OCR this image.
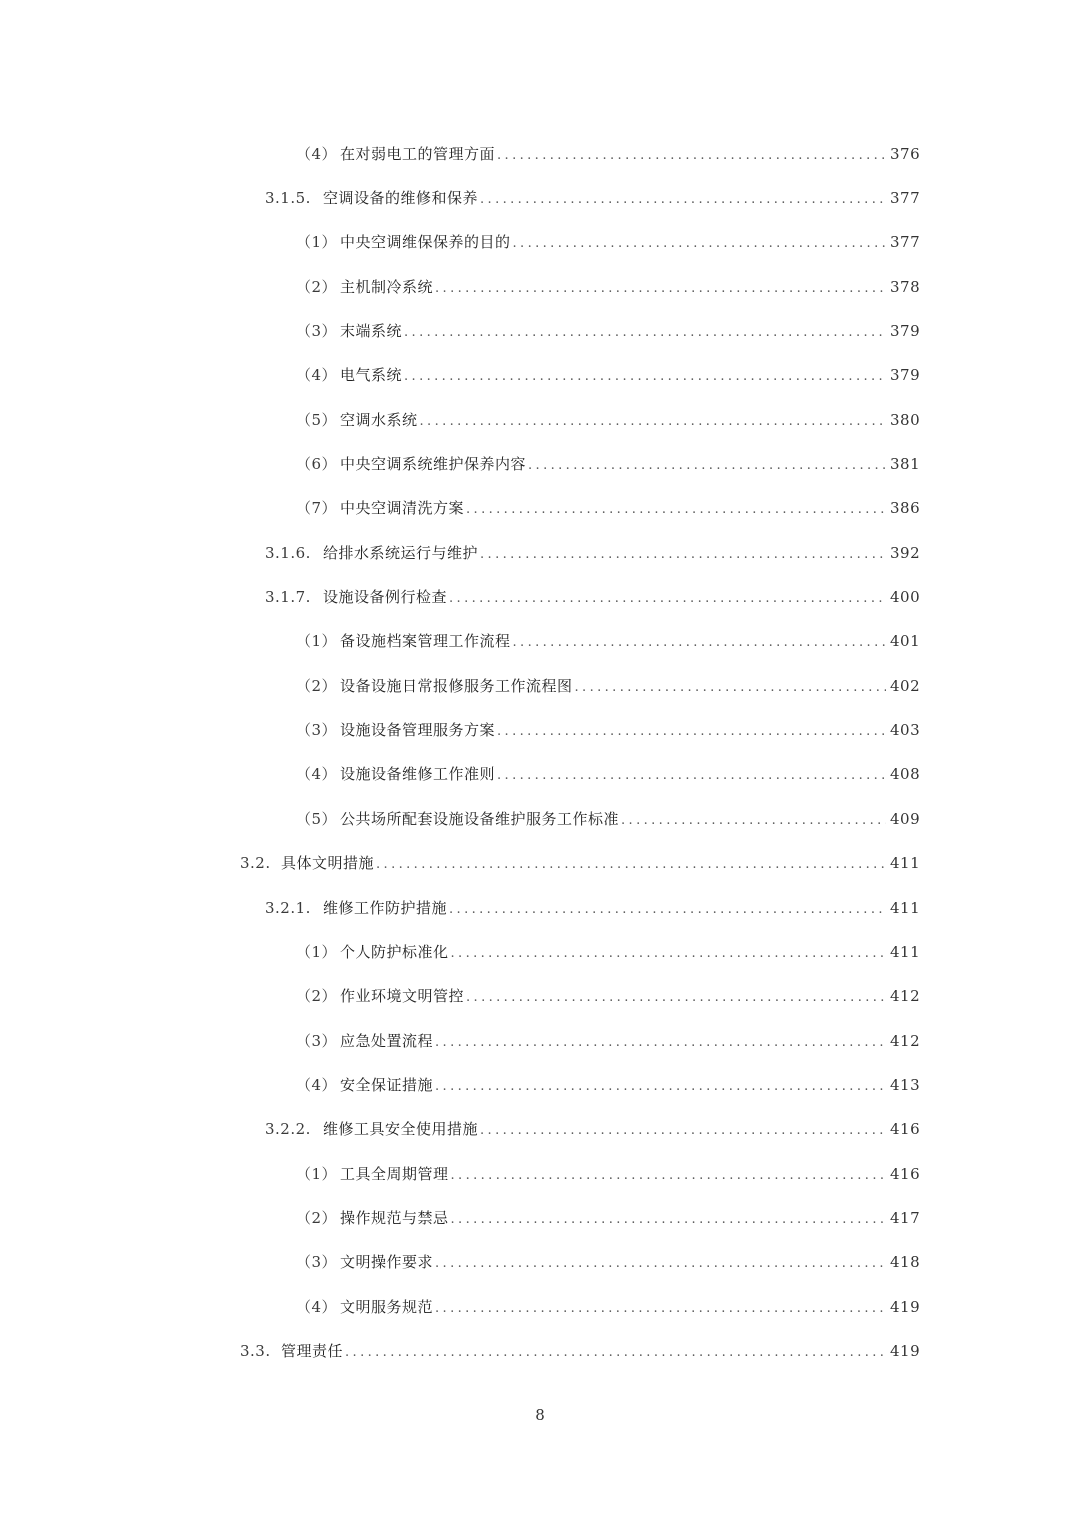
（4） 在对弱电工的管理方面 .....	376
3.1.5. 空调设备的维修和保养 .....	377
（1） 中央空调维保保养的目的 .....	377
（2） 主机制冷系统 .....	378
（3） 末端系统 .....	379
（4） 电气系统 .....	379
（5） 空调水系统 .....	380
（6） 中央空调系统维护保养内容 .....	381
（7） 中央空调清洗方案 .....	386
3.1.6. 给排水系统运行与维护 .....	392
3.1.7. 设施设备例行检查 .....	400
（1） 备设施档案管理工作流程 .....	401
（2） 设备设施日常报修服务工作流程图 .....	402
（3） 设施设备管理服务方案 .....	403
（4） 设施设备维修工作准则 .....	408
（5） 公共场所配套设施设备维护服务工作标准 .....	409
3.2. 具体文明措施 .....	411
3.2.1. 维修工作防护措施 .....	411
（1） 个人防护标准化 .....	411
（2） 作业环境文明管控 .....	412
（3） 应急处置流程 .....	412
（4） 安全保证措施 .....	413
3.2.2. 维修工具安全使用措施 .....	416
（1） 工具全周期管理 .....	416
（2） 操作规范与禁忌 .....	417
（3） 文明操作要求 .....	418
（4） 文明服务规范 .....	419
3.3. 管理责任 .....	419
8
